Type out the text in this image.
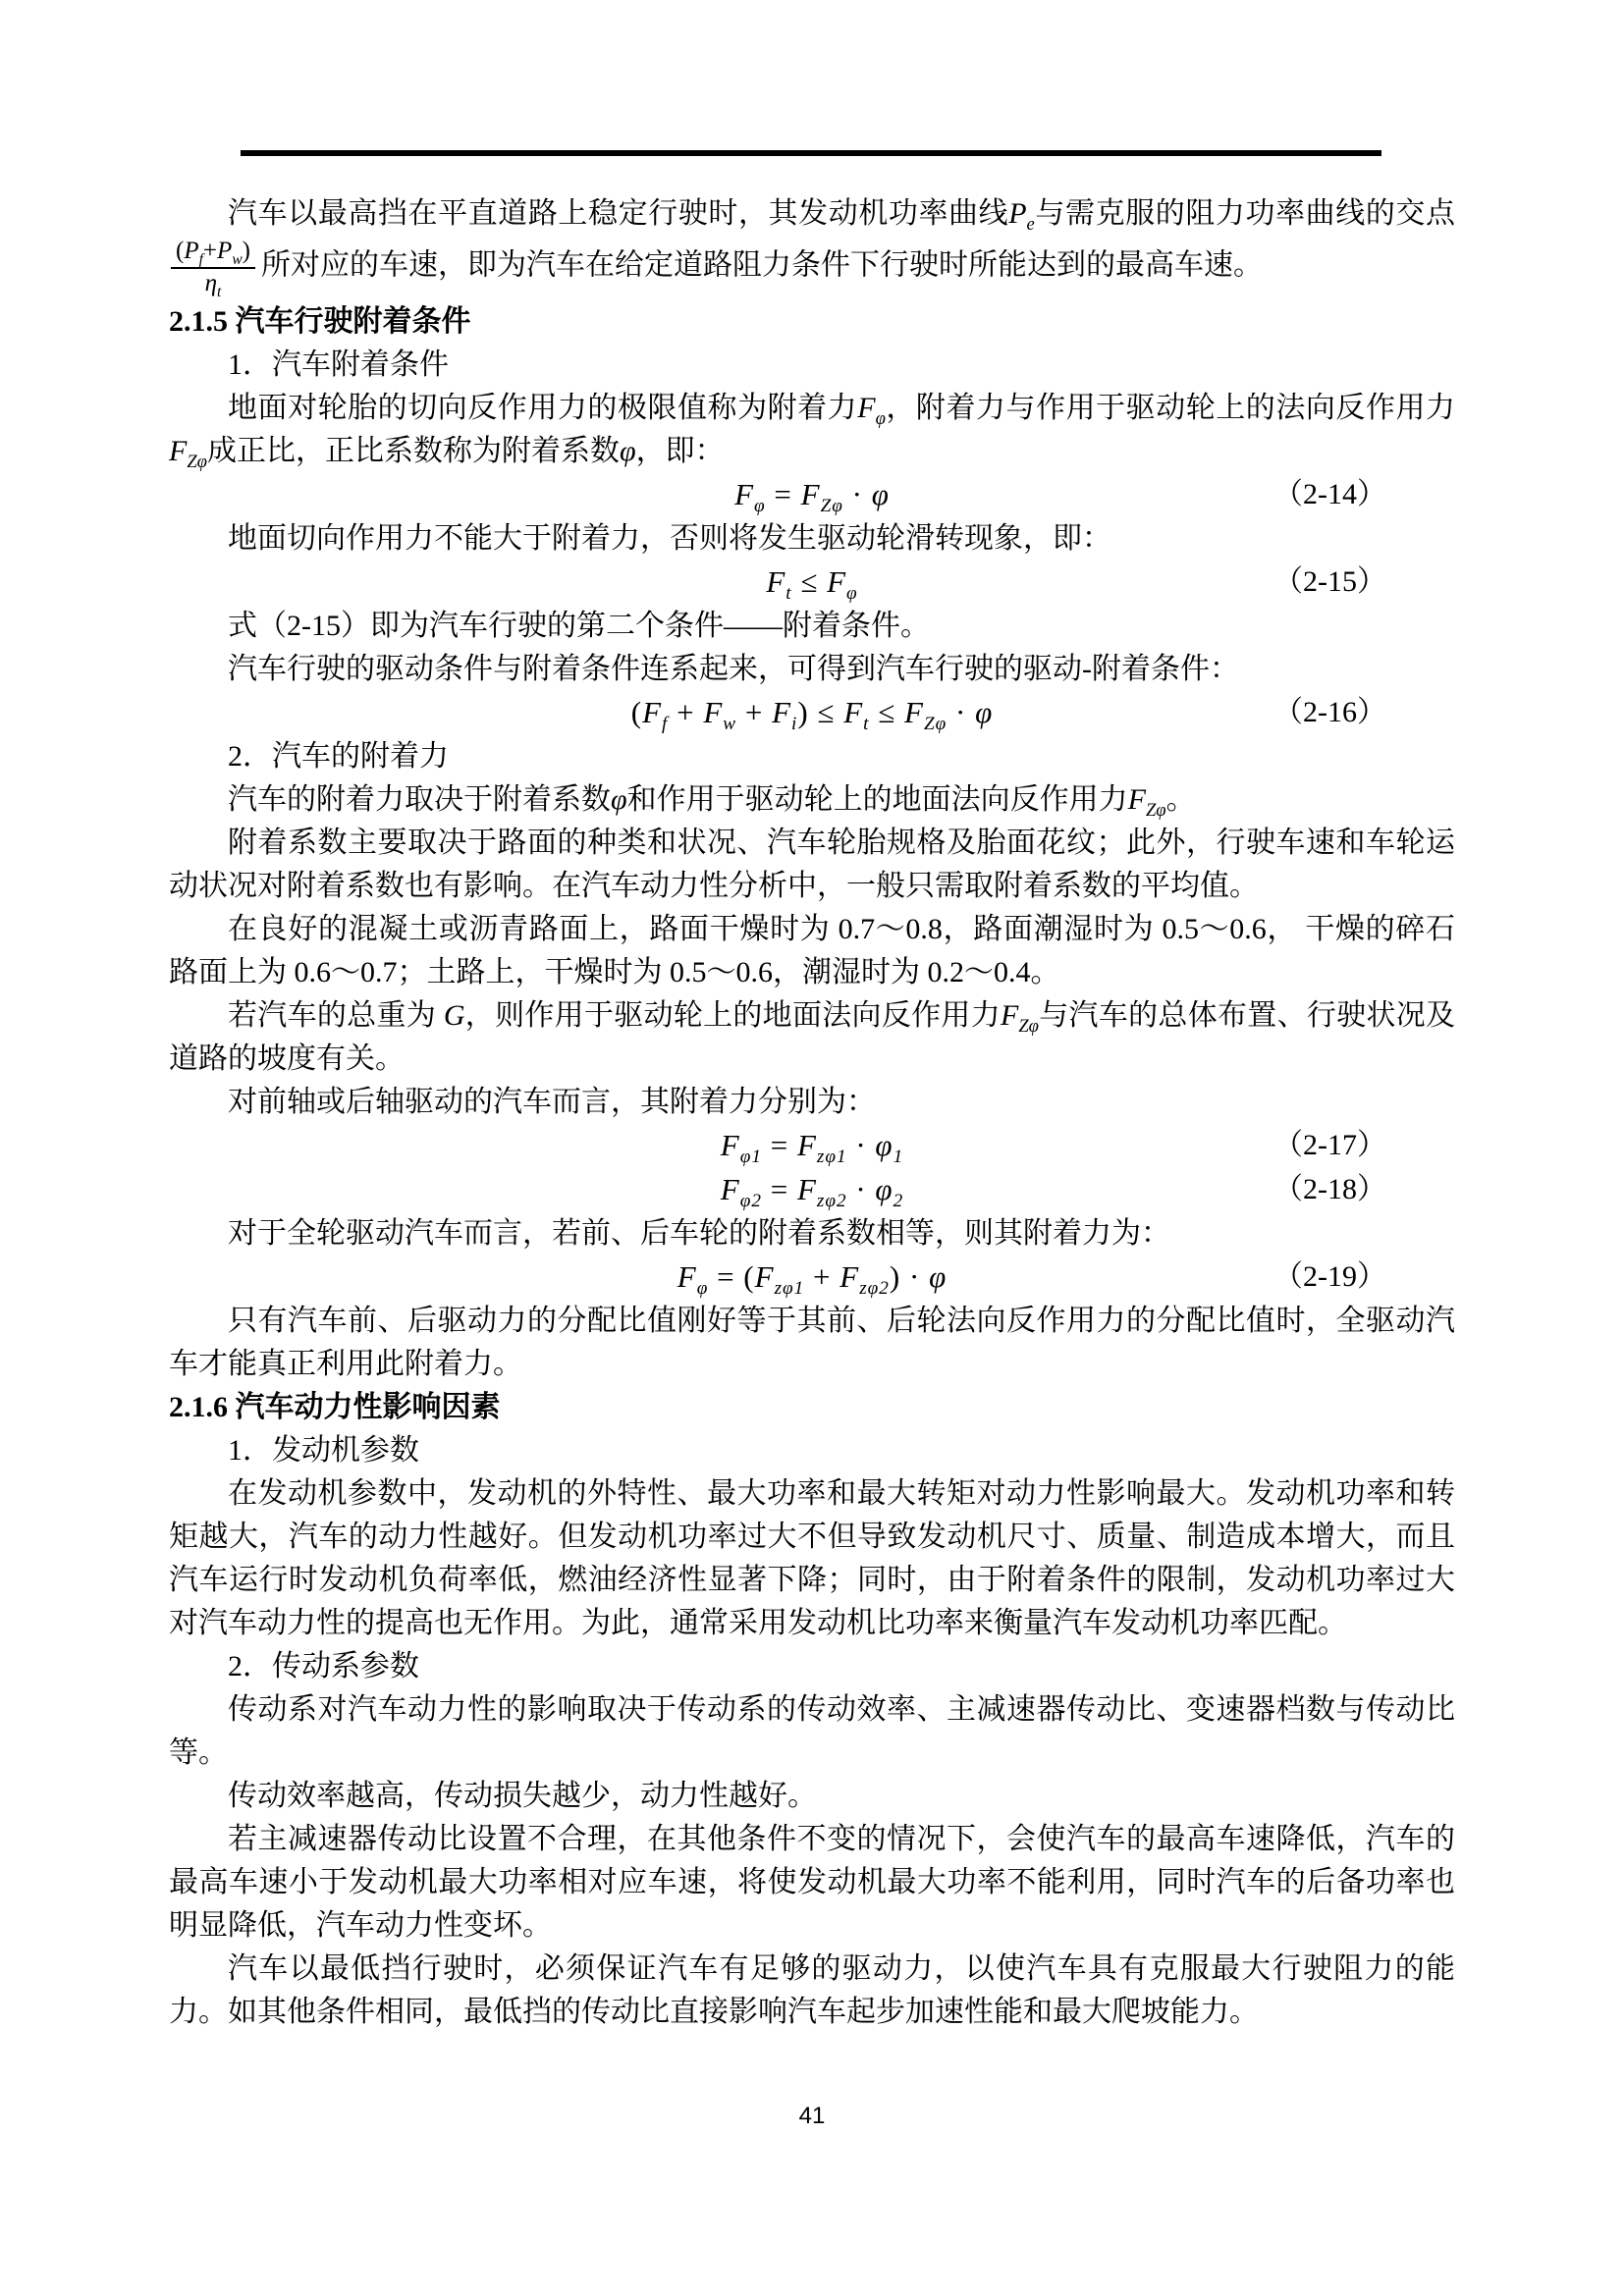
汽车以最高挡在平直道路上稳定行驶时，其发动机功率曲线$P_e$与需克服的阻力功率曲线的交点
$\frac{(P_f+P_w)}{\eta_t}$ 所对应的车速，即为汽车在给定道路阻力条件下行驶时所能达到的最高车速。

2.1.5 汽车行驶附着条件

1．汽车附着条件

地面对轮胎的切向反作用力的极限值称为附着力$F_\varphi$，附着力与作用于驱动轮上的法向反作用力$F_{Z\varphi}$成正比，正比系数称为附着系数φ，即：

$F_\varphi = F_{Z\varphi} \cdot \varphi$	（2-14）

地面切向作用力不能大于附着力，否则将发生驱动轮滑转现象，即：

$F_t \le F_\varphi$	（2-15）

式（2-15）即为汽车行驶的第二个条件——附着条件。

汽车行驶的驱动条件与附着条件连系起来，可得到汽车行驶的驱动-附着条件：

$(F_f + F_w + F_i) \le F_t \le F_{Z\varphi} \cdot \varphi$	（2-16）

2．汽车的附着力

汽车的附着力取决于附着系数φ和作用于驱动轮上的地面法向反作用力$F_{Z\varphi}$。

附着系数主要取决于路面的种类和状况、汽车轮胎规格及胎面花纹；此外，行驶车速和车轮运动状况对附着系数也有影响。在汽车动力性分析中，一般只需取附着系数的平均值。

在良好的混凝土或沥青路面上，路面干燥时为 0.7～0.8，路面潮湿时为 0.5～0.6， 干燥的碎石路面上为 0.6～0.7；土路上，干燥时为 0.5～0.6，潮湿时为 0.2～0.4。

若汽车的总重为 G，则作用于驱动轮上的地面法向反作用力$F_{Z\varphi}$与汽车的总体布置、行驶状况及道路的坡度有关。

对前轴或后轴驱动的汽车而言，其附着力分别为：

$F_{\varphi 1} = F_{z\varphi 1} \cdot \varphi_1$	（2-17）
$F_{\varphi 2} = F_{z\varphi 2} \cdot \varphi_2$	（2-18）

对于全轮驱动汽车而言，若前、后车轮的附着系数相等，则其附着力为：

$F_\varphi = (F_{z\varphi 1} + F_{z\varphi 2}) \cdot \varphi$	（2-19）

只有汽车前、后驱动力的分配比值刚好等于其前、后轮法向反作用力的分配比值时，全驱动汽车才能真正利用此附着力。

2.1.6 汽车动力性影响因素

1．发动机参数

在发动机参数中，发动机的外特性、最大功率和最大转矩对动力性影响最大。发动机功率和转矩越大，汽车的动力性越好。但发动机功率过大不但导致发动机尺寸、质量、制造成本增大，而且汽车运行时发动机负荷率低，燃油经济性显著下降；同时，由于附着条件的限制，发动机功率过大对汽车动力性的提高也无作用。为此，通常采用发动机比功率来衡量汽车发动机功率匹配。

2．传动系参数

传动系对汽车动力性的影响取决于传动系的传动效率、主减速器传动比、变速器档数与传动比等。

传动效率越高，传动损失越少，动力性越好。

若主减速器传动比设置不合理，在其他条件不变的情况下，会使汽车的最高车速降低，汽车的最高车速小于发动机最大功率相对应车速，将使发动机最大功率不能利用，同时汽车的后备功率也明显降低，汽车动力性变坏。

汽车以最低挡行驶时，必须保证汽车有足够的驱动力，以使汽车具有克服最大行驶阻力的能力。如其他条件相同，最低挡的传动比直接影响汽车起步加速性能和最大爬坡能力。

41
